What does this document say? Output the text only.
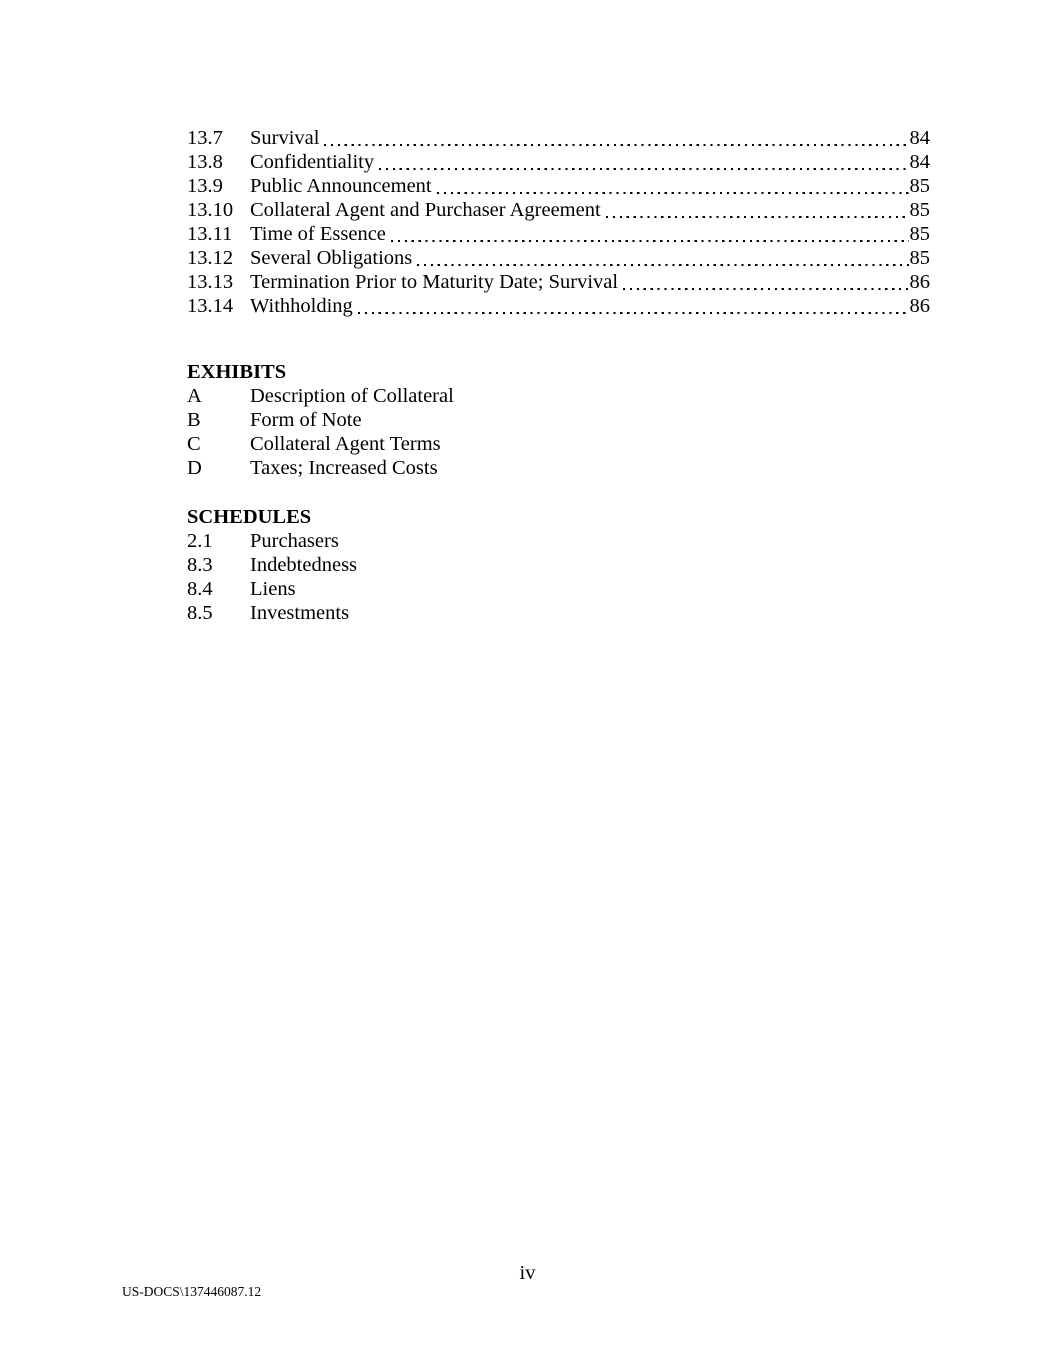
13.7	Survival	84
13.8	Confidentiality	84
13.9	Public Announcement	85
13.10 Collateral Agent and Purchaser Agreement	85
13.11 Time of Essence	85
13.12 Several Obligations	85
13.13 Termination Prior to Maturity Date; Survival	86
13.14 Withholding	86
EXHIBITS
A	Description of Collateral
B	Form of Note
C	Collateral Agent Terms
D	Taxes; Increased Costs
SCHEDULES
2.1	Purchasers
8.3	Indebtedness
8.4	Liens
8.5	Investments
iv
US-DOCS\137446087.12
